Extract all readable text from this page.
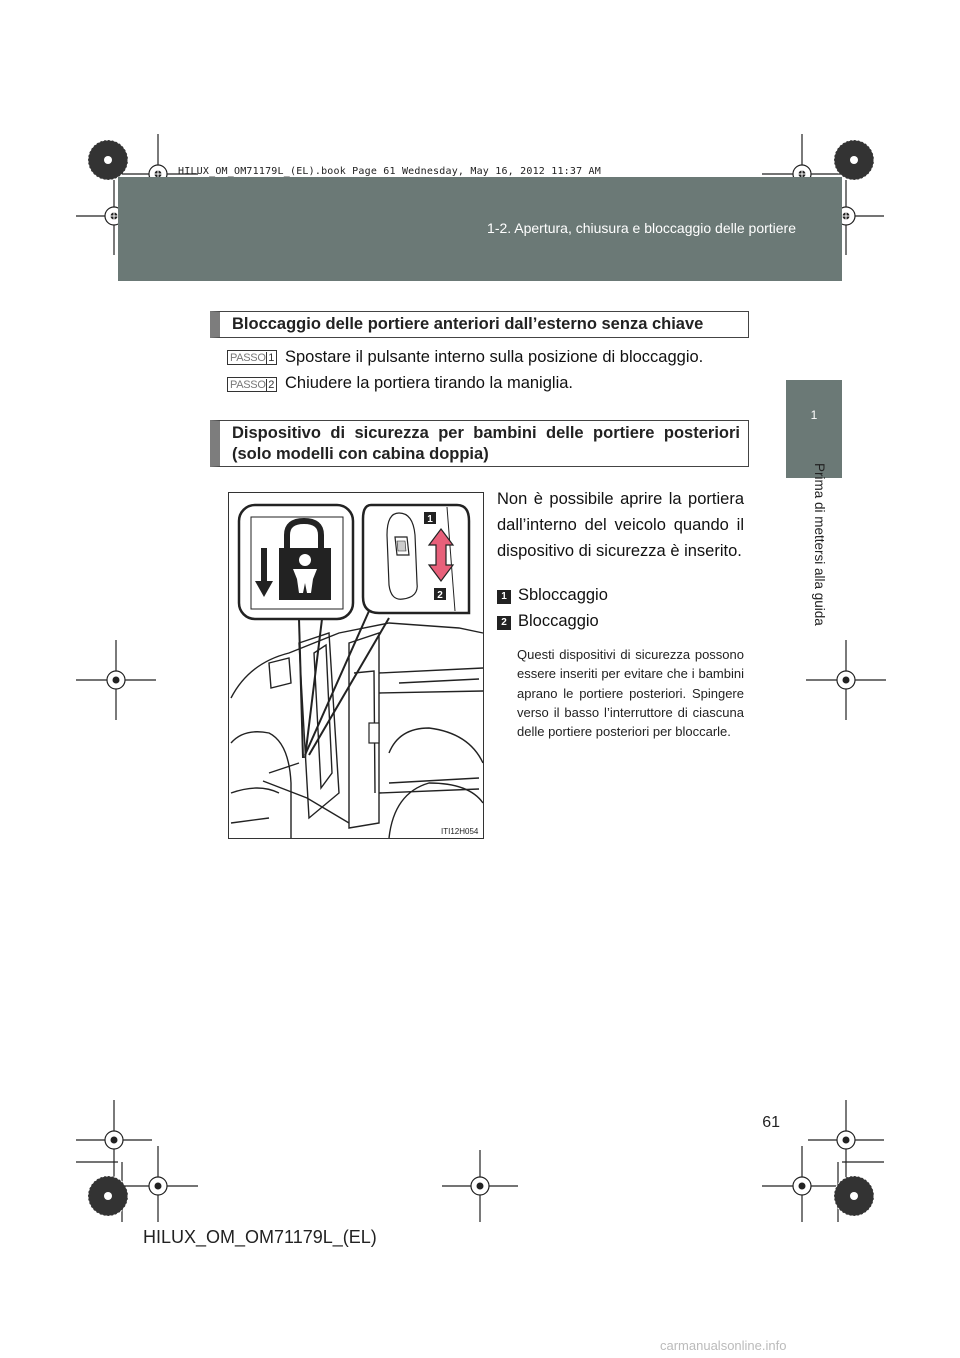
HILUX_OM_OM71179L_(EL).book Page 61 Wednesday, May 16, 2012 11:37 AM
1-2. Apertura, chiusura e bloccaggio delle portiere
1
Prima di mettersi alla guida
Bloccaggio delle portiere anteriori dall’esterno senza chiave
PASSO 1 Spostare il pulsante interno sulla posizione di bloccaggio.
PASSO 2 Chiudere la portiera tirando la maniglia.
Dispositivo di sicurezza per bambini delle portiere posteriori (solo modelli con cabina doppia)
1
2
ITI12H054
Non è possibile aprire la portiera dall’interno del veicolo quando il dispositivo di sicurezza è inserito.
1 Sbloccaggio
2 Bloccaggio
Questi dispositivi di sicurezza possono essere inseriti per evitare che i bambini aprano le portiere posteriori. Spingere verso il basso l’interruttore di ciascuna delle portiere posteriori per bloccarle.
61
HILUX_OM_OM71179L_(EL)
carmanualsonline.info
